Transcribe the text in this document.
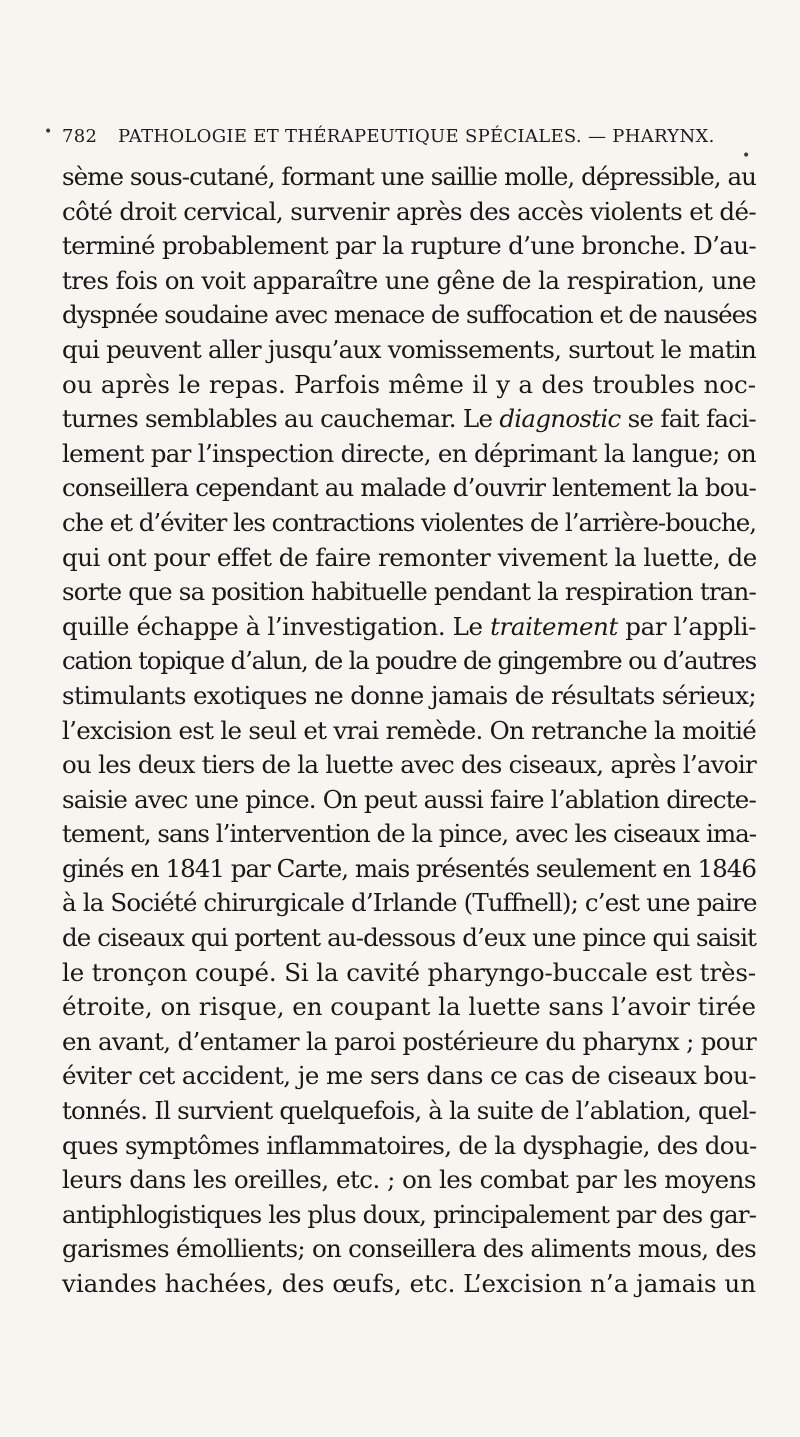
782 PATHOLOGIE ET THÉRAPEUTIQUE SPÉCIALES. — PHARYNX.
sème sous-cutané, formant une saillie molle, dépressible, au
côté droit cervical, survenir après des accès violents et dé-
terminé probablement par la rupture d’une bronche. D’au-
tres fois on voit apparaître une gêne de la respiration, une
dyspnée soudaine avec menace de suffocation et de nausées
qui peuvent aller jusqu’aux vomissements, surtout le matin
ou après le repas. Parfois même il y a des troubles noc-
turnes semblables au cauchemar. Le diagnostic se fait faci-
lement par l’inspection directe, en déprimant la langue; on
conseillera cependant au malade d’ouvrir lentement la bou-
che et d’éviter les contractions violentes de l’arrière-bouche,
qui ont pour effet de faire remonter vivement la luette, de
sorte que sa position habituelle pendant la respiration tran-
quille échappe à l’investigation. Le traitement par l’appli-
cation topique d’alun, de la poudre de gingembre ou d’autres
stimulants exotiques ne donne jamais de résultats sérieux;
l’excision est le seul et vrai remède. On retranche la moitié
ou les deux tiers de la luette avec des ciseaux, après l’avoir
saisie avec une pince. On peut aussi faire l’ablation directe-
tement, sans l’intervention de la pince, avec les ciseaux ima-
ginés en 1841 par Carte, mais présentés seulement en 1846
à la Société chirurgicale d’Irlande (Tuffnell); c’est une paire
de ciseaux qui portent au-dessous d’eux une pince qui saisit
le tronçon coupé. Si la cavité pharyngo-buccale est très-
étroite, on risque, en coupant la luette sans l’avoir tirée
en avant, d’entamer la paroi postérieure du pharynx ; pour
éviter cet accident, je me sers dans ce cas de ciseaux bou-
tonnés. Il survient quelquefois, à la suite de l’ablation, quel-
ques symptômes inflammatoires, de la dysphagie, des dou-
leurs dans les oreilles, etc. ; on les combat par les moyens
antiphlogistiques les plus doux, principalement par des gar-
garismes émollients; on conseillera des aliments mous, des
viandes hachées, des œufs, etc. L’excision n’a jamais un
•
•
